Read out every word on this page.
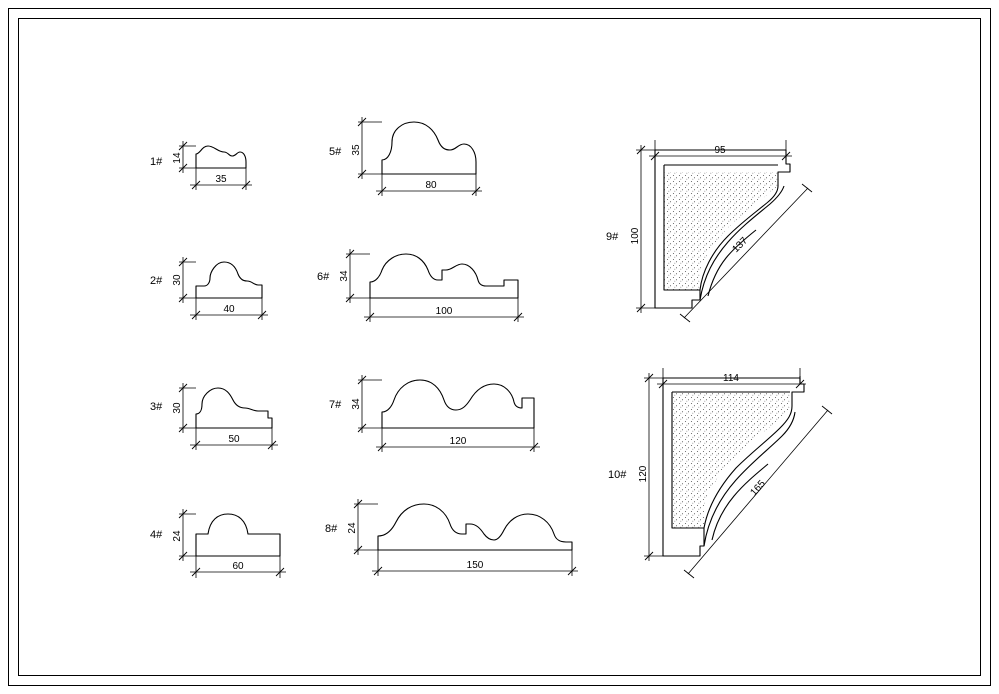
35
14
1#
40
30
2#
50
30
3#
60
24
4#
80
35
5#
100
34
6#
120
34
7#
150
24
8#
137
95
100
9#
165
114
120
10#
